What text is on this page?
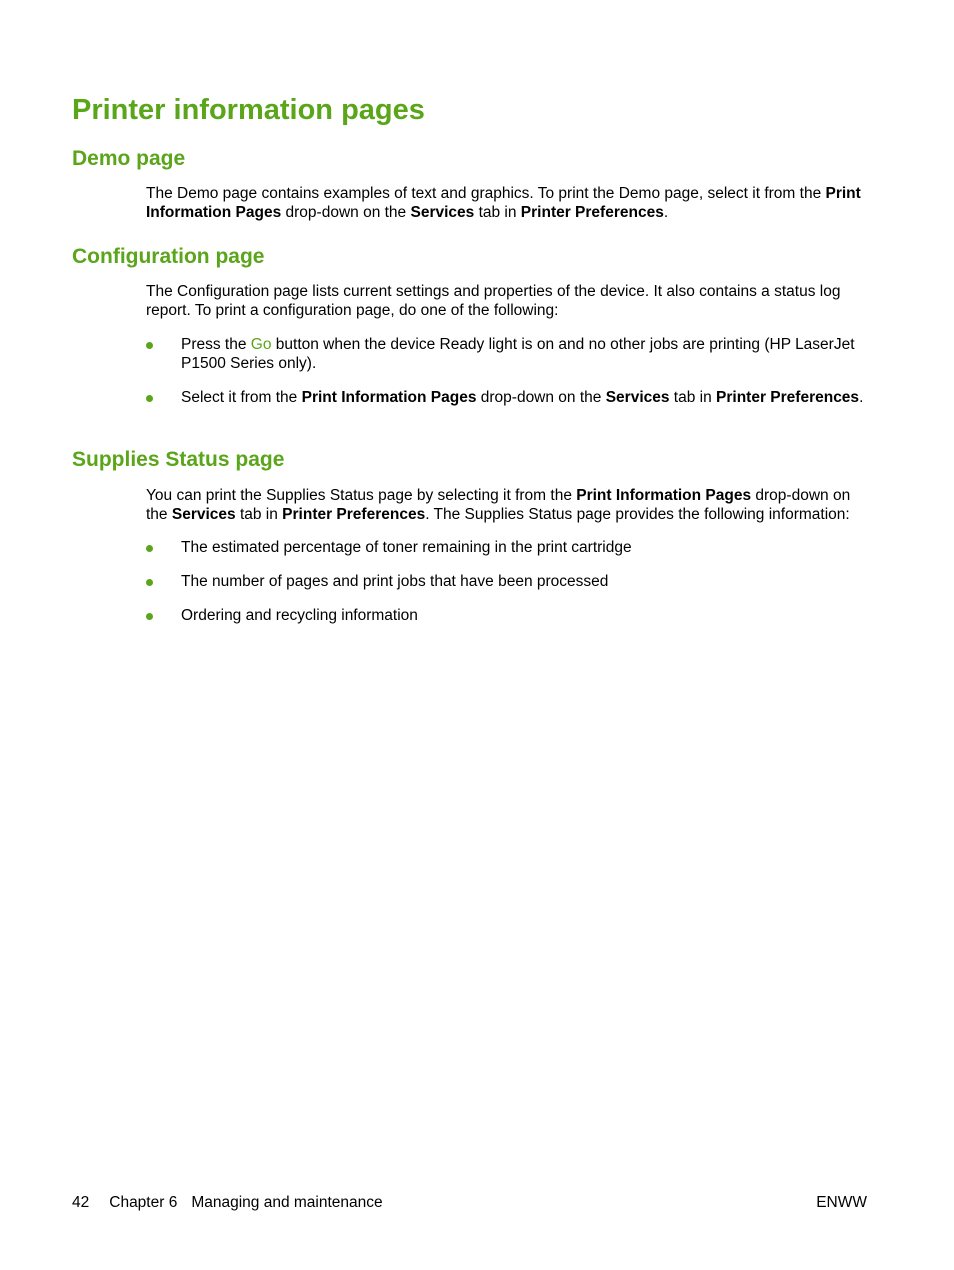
Printer information pages
Demo page

The Demo page contains examples of text and graphics. To print the Demo page, select it from the Print Information Pages drop-down on the Services tab in Printer Preferences.

Configuration page

The Configuration page lists current settings and properties of the device. It also contains a status log report. To print a configuration page, do one of the following:

Press the Go button when the device Ready light is on and no other jobs are printing (HP LaserJet P1500 Series only).
Select it from the Print Information Pages drop-down on the Services tab in Printer Preferences.
Supplies Status page

You can print the Supplies Status page by selecting it from the Print Information Pages drop-down on the Services tab in Printer Preferences. The Supplies Status page provides the following information:

The estimated percentage of toner remaining in the print cartridge
The number of pages and print jobs that have been processed
Ordering and recycling information
42 Chapter 6 Managing and maintenance	ENWW
